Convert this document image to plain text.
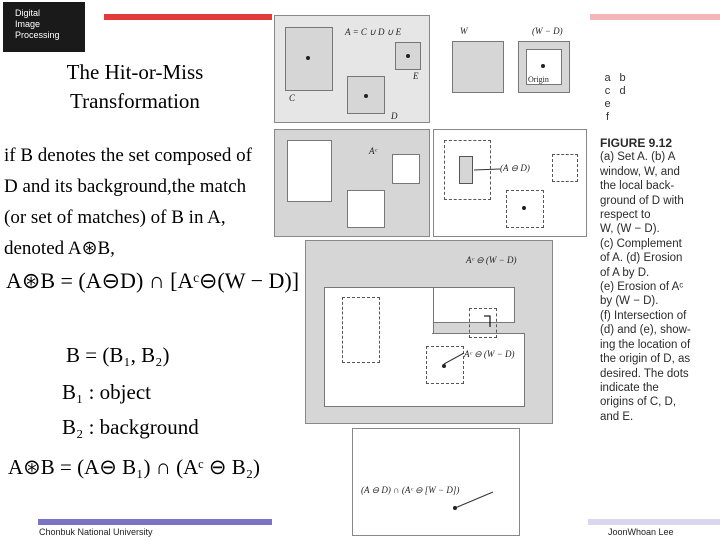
Digital
Image
Processing
The Hit-or-Miss
Transformation
if B denotes the set composed of
D and its background,the match
(or set of matches) of B in A,
denoted A⊛B,
A⊛B = (A⊖D) ∩ [Aᶜ⊖(W − D)]
B = (B₁, B₂)
B₁ : object
B₂ : background
A⊛B = (A⊖ B₁) ∩ (Aᶜ ⊖ B₂)
A = C ∪ D ∪ E
C
D
E
W	(W − D)
Origin	a b
c d
e
f
Aᶜ
(A ⊖ D)
Aᶜ ⊖ (W − D)
Aᶜ ⊖ (W − D)
(A ⊖ D) ∩ (Aᶜ ⊖ [W − D])
FIGURE 9.12
(a) Set A. (b) A
window, W, and
the local back-
ground of D with
respect to
W, (W − D).
(c) Complement
of A. (d) Erosion
of A by D.
(e) Erosion of Aᶜ
by (W − D).
(f) Intersection of
(d) and (e), show-
ing the location of
the origin of D, as
desired. The dots
indicate the
origins of C, D,
and E.
Chonbuk National University	JoonWhoan Lee
